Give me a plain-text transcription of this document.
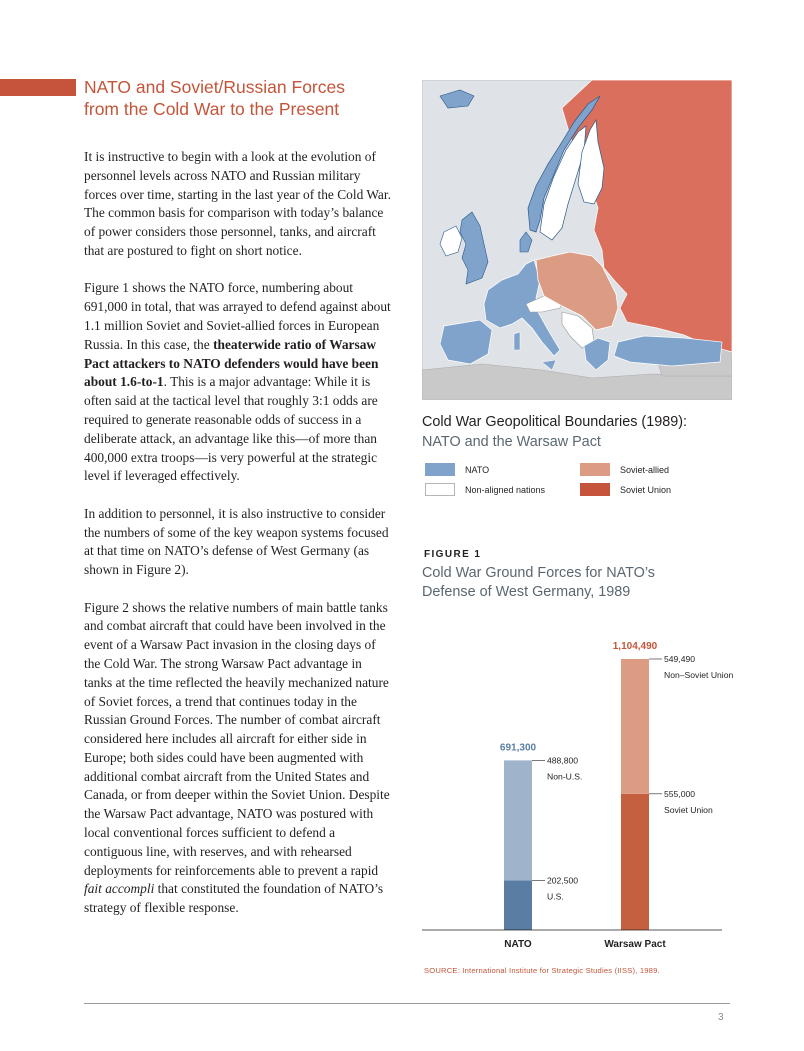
NATO and Soviet/Russian Forces from the Cold War to the Present

It is instructive to begin with a look at the evolution of personnel levels across NATO and Russian military forces over time, starting in the last year of the Cold War. The common basis for comparison with today’s balance of power considers those personnel, tanks, and aircraft that are postured to fight on short notice.

Figure 1 shows the NATO force, numbering about 691,000 in total, that was arrayed to defend against about 1.1 million Soviet and Soviet-allied forces in European Russia. In this case, the theaterwide ratio of Warsaw Pact attackers to NATO defenders would have been about 1.6-to-1. This is a major advantage: While it is often said at the tactical level that roughly 3:1 odds are required to generate reasonable odds of success in a deliberate attack, an advantage like this—of more than 400,000 extra troops—is very powerful at the strategic level if leveraged effectively.

In addition to personnel, it is also instructive to consider the numbers of some of the key weapon systems focused at that time on NATO’s defense of West Germany (as shown in Figure 2).

Figure 2 shows the relative numbers of main battle tanks and combat aircraft that could have been involved in the event of a Warsaw Pact invasion in the closing days of the Cold War. The strong Warsaw Pact advantage in tanks at the time reflected the heavily mechanized nature of Soviet forces, a trend that continues today in the Russian Ground Forces. The number of combat aircraft considered here includes all aircraft for either side in Europe; both sides could have been augmented with additional combat aircraft from the United States and Canada, or from deeper within the Soviet Union. Despite the Warsaw Pact advantage, NATO was postured with local conventional forces sufficient to defend a contiguous line, with reserves, and with rehearsed deployments for reinforcements able to prevent a rapid fait accompli that constituted the foundation of NATO’s strategy of flexible response.

Cold War Geopolitical Boundaries (1989):
NATO and the Warsaw Pact
NATO
Non-aligned nations
Soviet-allied
Soviet Union

FIGURE 1

Cold War Ground Forces for NATO’s
Defense of West Germany, 1989
202,500
U.S.
488,800
Non-U.S.
691,300
NATO
555,000
Soviet Union
549,490
Non–Soviet Union
1,104,490
Warsaw Pact

SOURCE: International Institute for Strategic Studies (IISS), 1989.

3
